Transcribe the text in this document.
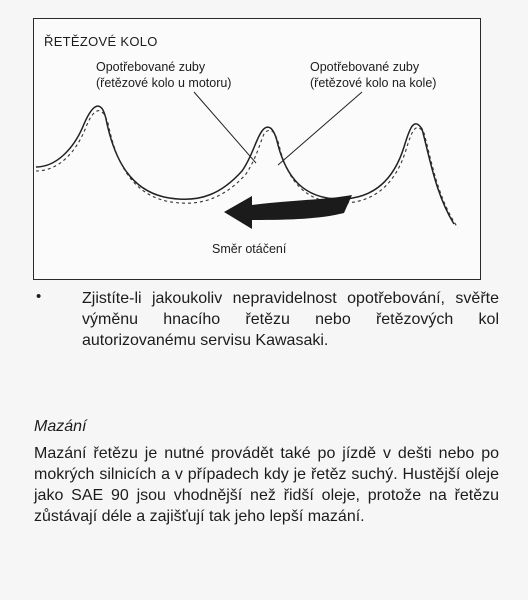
ŘETĚZOVÉ KOLO
Opotřebované zuby
(řetězové kolo u motoru)
Opotřebované zuby
(řetězové kolo na kole)
Směr otáčení
•	Zjistíte-li jakoukoliv nepravidelnost opotřebování, svěřte výměnu hnacího řetězu nebo řetězových kol autorizovanému servisu Kawasaki.
Mazání
Mazání řetězu je nutné provádět také po jízdě v dešti nebo po mokrých silnicích a v případech kdy je řetěz suchý. Hustější oleje jako SAE 90 jsou vhodnější než řidší oleje, protože na řetězu zůstávají déle a zajišťují tak jeho lepší mazání.
